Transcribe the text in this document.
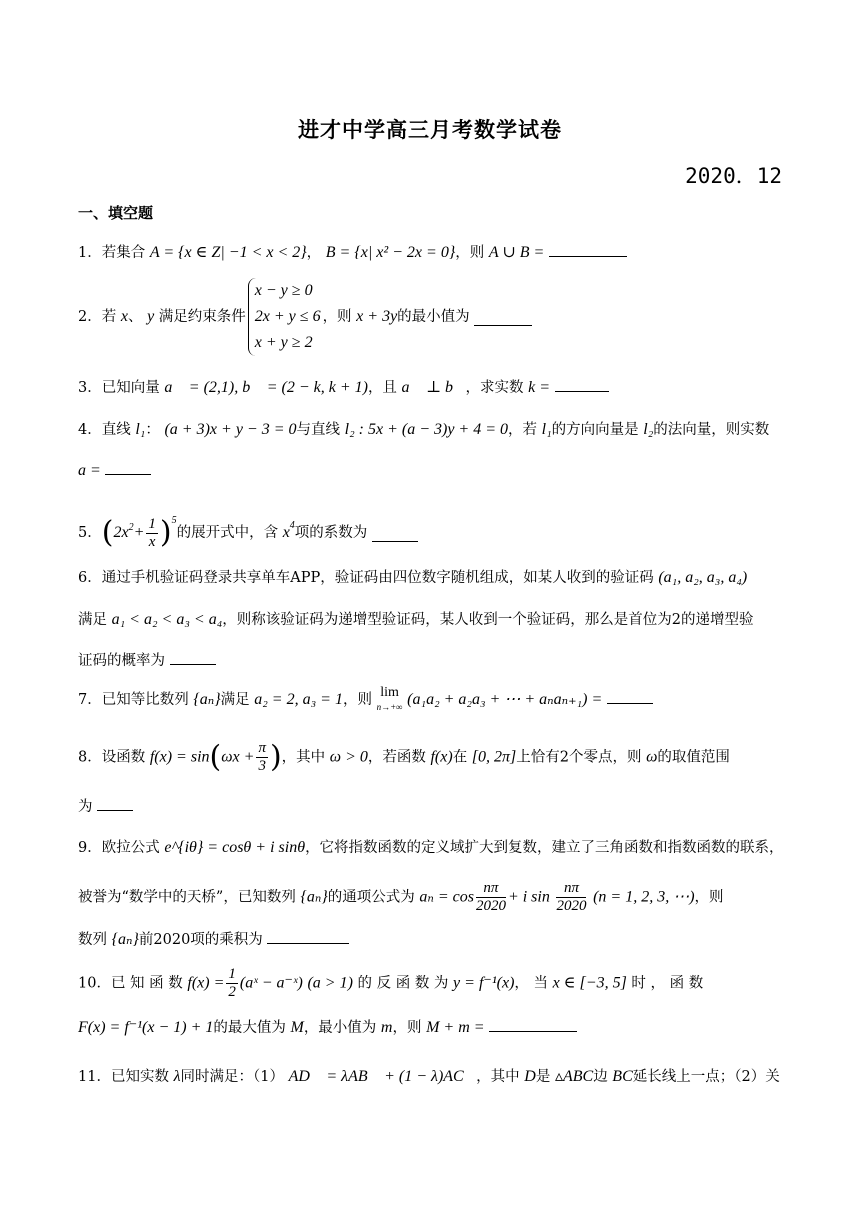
进才中学高三月考数学试卷
2020．12
一、填空题
1．若集合 A = {x ∈ Z| −1 < x < 2}， B = {x| x² − 2x = 0}，则 A ∪ B =
2．若 x、 y 满足约束条件
x − y ≥ 0
2x + y ≤ 6
x + y ≥ 2
，则 x + 3y的最小值为
3．已知向量 a⃗ = (2,1), b⃗ = (2 − k, k + 1)，且 a⃗ ⊥ b⃗，求实数 k =
4．直线 l₁： (a + 3)x + y − 3 = 0与直线 l₂ : 5x + (a − 3)y + 4 = 0，若 l₁的方向向量是 l₂的法向量，则实数
a =
5．$(2x^2+ \frac{1}{x} )^5$的展开式中，含 $x^4$项的系数为
6．通过手机验证码登录共享单车APP，验证码由四位数字随机组成，如某人收到的验证码 (a₁, a₂, a₃, a₄)
满足 a₁ < a₂ < a₃ < a₄，则称该验证码为递增型验证码，某人收到一个验证码，那么是首位为2的递增型验
证码的概率为
7．已知等比数列 {aₙ}满足 a₂ = 2, a₃ = 1，则 lim
n→+∞ (a₁a₂ + a₂a₃ + ⋯ + aₙaₙ₊₁) =
8．设函数 $f(x) = \sin(\omega x + \frac{\pi}{3}$ )，其中 ω > 0，若函数 f(x)在 [0, 2π]上恰有2个零点，则 ω的取值范围
为
9．欧拉公式 e^{iθ} = cosθ + i sinθ，它将指数函数的定义域扩大到复数，建立了三角函数和指数函数的联系，
被誉为“数学中的天桥”，已知数列 {aₙ}的通项公式为 $a_n = \cos \frac{n\pi}{2020} + i$ $\sin \frac{n\pi}{2020} (n = 1$, 2, 3, ⋯)，则
数列 {aₙ}前2020项的乘积为
10．已 知 函 数 $f(x) = \frac{1}{2}$ (aˣ − a⁻ˣ) (a > 1) 的 反 函 数 为 y = f⁻¹(x)， 当 x ∈ [−3, 5] 时 ， 函 数
F(x) = f⁻¹(x − 1) + 1的最大值为 M，最小值为 m，则 M + m =
11．已知实数 λ同时满足：（1） AD⃗ = λAB⃗ + (1 − λ)AC⃗，其中 D是 ▵ABC边 BC延长线上一点；（2）关
